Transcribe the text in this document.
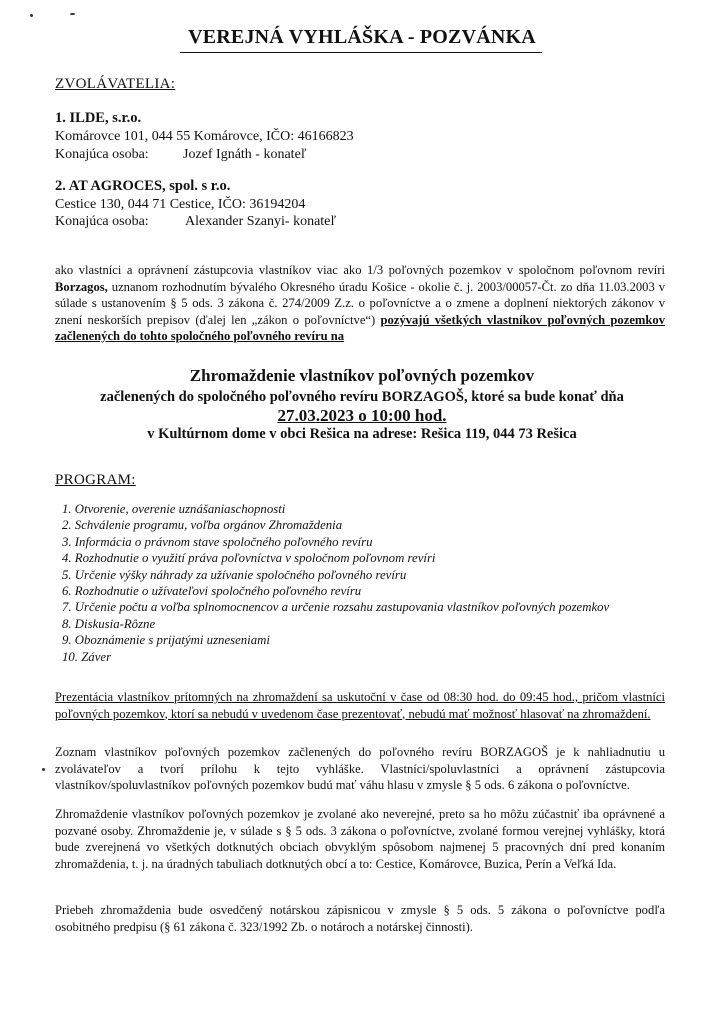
VEREJNÁ VYHLÁŠKA - POZVÁNKA
ZVOLÁVATELIA:
1. ILDE, s.r.o.
Komárovce 101, 044 55 Komárovce, IČO: 46166823
Konajúca osoba: Jozef Ignáth - konateľ
2. AT AGROCES, spol. s r.o.
Cestice 130, 044 71 Cestice, IČO: 36194204
Konajúca osoba:	Alexander Szanyi- konateľ
ako vlastníci a oprávnení zástupcovia vlastníkov viac ako 1/3 poľovných pozemkov v spoločnom poľovnom revíri Borzagos, uznanom rozhodnutím bývalého Okresného úradu Košice - okolie č. j. 2003/00057-Čt. zo dňa 11.03.2003 v súlade s ustanovením § 5 ods. 3 zákona č. 274/2009 Z.z. o poľovníctve a o zmene a doplnení niektorých zákonov v znení neskorších prepisov (ďalej len „zákon o poľovníctve“) pozývajú všetkých vlastníkov poľovných pozemkov začlenených do tohto spoločného poľovného revíru na
Zhromaždenie vlastníkov poľovných pozemkov
začlenených do spoločného poľovného revíru BORZAGOŠ, ktoré sa bude konať dňa
27.03.2023 o 10:00 hod.
v Kultúrnom dome v obci Rešica na adrese: Rešica 119, 044 73 Rešica
PROGRAM:
1. Otvorenie, overenie uznášaniaschopnosti
2. Schválenie programu, voľba orgánov Zhromaždenia
3. Informácia o právnom stave spoločného poľovného revíru
4. Rozhodnutie o využití práva poľovníctva v spoločnom poľovnom revíri
5. Určenie výšky náhrady za užívanie spoločného poľovného revíru
6. Rozhodnutie o užívateľovi spoločného poľovného revíru
7. Určenie počtu a voľba splnomocnencov a určenie rozsahu zastupovania vlastníkov poľovných pozemkov
8. Diskusia-Rôzne
9. Oboznámenie s prijatými uzneseniami
10. Záver
Prezentácia vlastníkov prítomných na zhromaždení sa uskutoční v čase od 08:30 hod. do 09:45 hod., pričom vlastníci poľovných pozemkov, ktorí sa nebudú v uvedenom čase prezentovať, nebudú mať možnosť hlasovať na zhromaždení.
Zoznam vlastníkov poľovných pozemkov začlenených do poľovného revíru BORZAGOŠ je k nahliadnutiu u zvolávateľov a tvorí prílohu k tejto vyhláške. Vlastníci/spoluvlastníci a oprávnení zástupcovia vlastníkov/spoluvlastníkov poľovných pozemkov budú mať váhu hlasu v zmysle § 5 ods. 6 zákona o poľovníctve.
Zhromaždenie vlastníkov poľovných pozemkov je zvolané ako neverejné, preto sa ho môžu zúčastniť iba oprávnené a pozvané osoby. Zhromaždenie je, v súlade s § 5 ods. 3 zákona o poľovníctve, zvolané formou verejnej vyhlášky, ktorá bude zverejnená vo všetkých dotknutých obciach obvyklým spôsobom najmenej 5 pracovných dní pred konaním zhromaždenia, t. j. na úradných tabuliach dotknutých obcí a to: Cestice, Komárovce, Buzica, Perín a Veľká Ida.
Priebeh zhromaždenia bude osvedčený notárskou zápisnicou v zmysle § 5 ods. 5 zákona o poľovníctve podľa osobitného predpisu (§ 61 zákona č. 323/1992 Zb. o notároch a notárskej činnosti).
